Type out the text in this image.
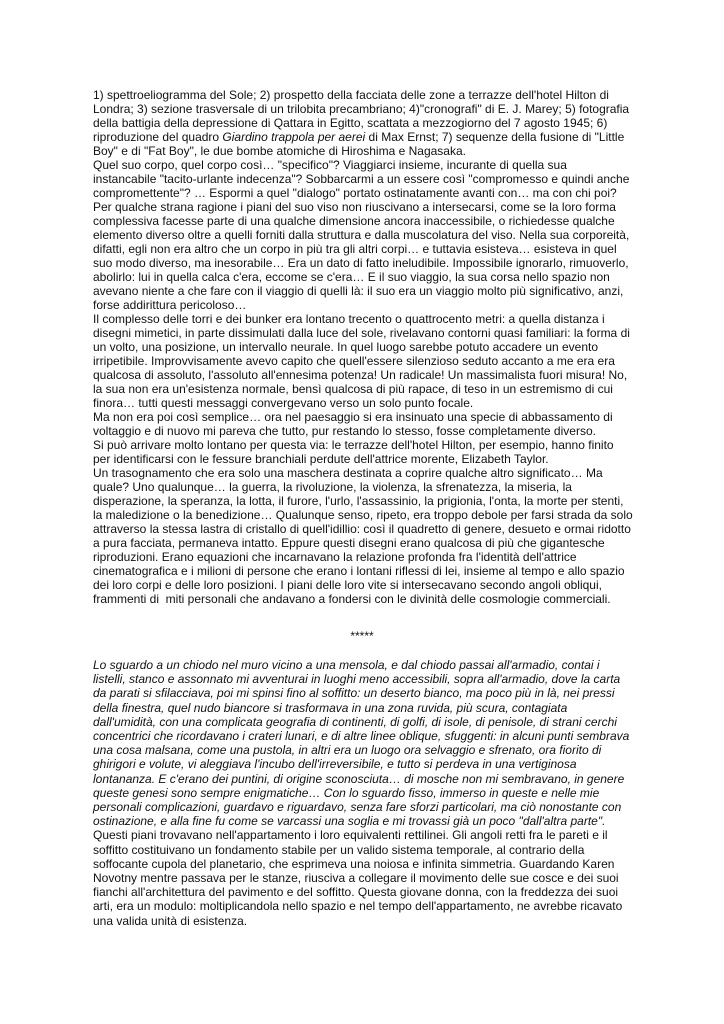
1) spettroeliogramma del Sole; 2) prospetto della facciata delle zone a terrazze dell'hotel Hilton di
Londra; 3) sezione trasversale di un trilobita precambriano; 4)"cronografi" di E. J. Marey; 5) fotografia
della battigia della depressione di Qattara in Egitto, scattata a mezzogiorno del 7 agosto 1945; 6)
riproduzione del quadro Giardino trappola per aerei di Max Ernst; 7) sequenze della fusione di "Little
Boy" e di "Fat Boy", le due bombe atomiche di Hiroshima e Nagasaka.
Quel suo corpo, quel corpo così… "specifico"? Viaggiarci insieme, incurante di quella sua
instancabile "tacito-urlante indecenza"? Sobbarcarmi a un essere così "compromesso e quindi anche
compromettente"? … Espormi a quel "dialogo" portato ostinatamente avanti con… ma con chi poi?
Per qualche strana ragione i piani del suo viso non riuscivano a intersecarsi, come se la loro forma
complessiva facesse parte di una qualche dimensione ancora inaccessibile, o richiedesse qualche
elemento diverso oltre a quelli forniti dalla struttura e dalla muscolatura del viso. Nella sua corporeità,
difatti, egli non era altro che un corpo in più tra gli altri corpi… e tuttavia esisteva… esisteva in quel
suo modo diverso, ma inesorabile… Era un dato di fatto ineludibile. Impossibile ignorarlo, rimuoverlo,
abolirlo: lui in quella calca c'era, eccome se c'era… E il suo viaggio, la sua corsa nello spazio non
avevano niente a che fare con il viaggio di quelli là: il suo era un viaggio molto più significativo, anzi,
forse addirittura pericoloso…
Il complesso delle torri e dei bunker era lontano trecento o quattrocento metri: a quella distanza i
disegni mimetici, in parte dissimulati dalla luce del sole, rivelavano contorni quasi familiari: la forma di
un volto, una posizione, un intervallo neurale. In quel luogo sarebbe potuto accadere un evento
irripetibile. Improvvisamente avevo capito che quell'essere silenzioso seduto accanto a me era era
qualcosa di assoluto, l'assoluto all'ennesima potenza! Un radicale! Un massimalista fuori misura! No,
la sua non era un'esistenza normale, bensì qualcosa di più rapace, di teso in un estremismo di cui
finora… tutti questi messaggi convergevano verso un solo punto focale.
Ma non era poi così semplice… ora nel paesaggio si era insinuato una specie di abbassamento di
voltaggio e di nuovo mi pareva che tutto, pur restando lo stesso, fosse completamente diverso.
Si può arrivare molto lontano per questa via: le terrazze dell'hotel Hilton, per esempio, hanno finito
per identificarsi con le fessure branchiali perdute dell'attrice morente, Elizabeth Taylor.
Un trasognamento che era solo una maschera destinata a coprire qualche altro significato… Ma
quale? Uno qualunque… la guerra, la rivoluzione, la violenza, la sfrenatezza, la miseria, la
disperazione, la speranza, la lotta, il furore, l'urlo, l'assassinio, la prigionia, l'onta, la morte per stenti,
la maledizione o la benedizione… Qualunque senso, ripeto, era troppo debole per farsi strada da solo
attraverso la stessa lastra di cristallo di quell'idillio: così il quadretto di genere, desueto e ormai ridotto
a pura facciata, permaneva intatto. Eppure questi disegni erano qualcosa di più che gigantesche
riproduzioni. Erano equazioni che incarnavano la relazione profonda fra l'identità dell'attrice
cinematografica e i milioni di persone che erano i lontani riflessi di lei, insieme al tempo e allo spazio
dei loro corpi e delle loro posizioni. I piani delle loro vite si intersecavano secondo angoli obliqui,
frammenti di  miti personali che andavano a fondersi con le divinità delle cosmologie commerciali.
*****
Lo sguardo a un chiodo nel muro vicino a una mensola, e dal chiodo passai all'armadio, contai i
listelli, stanco e assonnato mi avventurai in luoghi meno accessibili, sopra all'armadio, dove la carta
da parati si sfilacciava, poi mi spinsi fino al soffitto: un deserto bianco, ma poco più in là, nei pressi
della finestra, quel nudo biancore si trasformava in una zona ruvida, più scura, contagiata
dall'umidità, con una complicata geografia di continenti, di golfi, di isole, di penisole, di strani cerchi
concentrici che ricordavano i crateri lunari, e di altre linee oblique, sfuggenti: in alcuni punti sembrava
una cosa malsana, come una pustola, in altri era un luogo ora selvaggio e sfrenato, ora fiorito di
ghirigori e volute, vi aleggiava l'incubo dell'irreversibile, e tutto si perdeva in una vertiginosa
lontananza. E c'erano dei puntini, di origine sconosciuta… di mosche non mi sembravano, in genere
queste genesi sono sempre enigmatiche… Con lo sguardo fisso, immerso in queste e nelle mie
personali complicazioni, guardavo e riguardavo, senza fare sforzi particolari, ma ciò nonostante con
ostinazione, e alla fine fu come se varcassi una soglia e mi trovassi già un poco "dall'altra parte".
Questi piani trovavano nell'appartamento i loro equivalenti rettilinei. Gli angoli retti fra le pareti e il
soffitto costituivano un fondamento stabile per un valido sistema temporale, al contrario della
soffocante cupola del planetario, che esprimeva una noiosa e infinita simmetria. Guardando Karen
Novotny mentre passava per le stanze, riusciva a collegare il movimento delle sue cosce e dei suoi
fianchi all'architettura del pavimento e del soffitto. Questa giovane donna, con la freddezza dei suoi
arti, era un modulo: moltiplicandola nello spazio e nel tempo dell'appartamento, ne avrebbe ricavato
una valida unità di esistenza.
